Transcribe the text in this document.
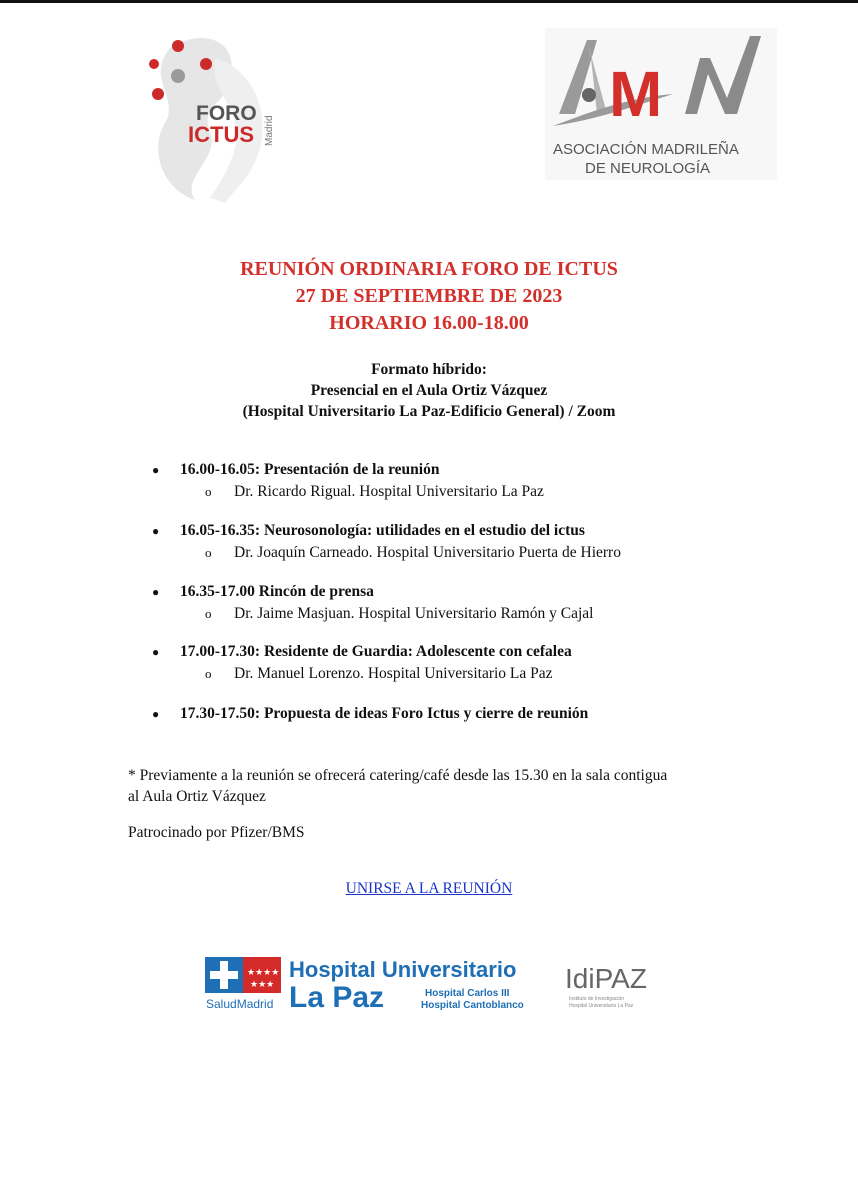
FORO
ICTUS Madrid
M
ASOCIACIÓN MADRILEÑA
DE NEUROLOGÍA
REUNIÓN ORDINARIA FORO DE ICTUS
27 DE SEPTIEMBRE DE 2023
HORARIO 16.00-18.00
Formato híbrido:
Presencial en el Aula Ortiz Vázquez
(Hospital Universitario La Paz-Edificio General) / Zoom
● 16.00-16.05: Presentación de la reunión
o Dr. Ricardo Rigual. Hospital Universitario La Paz
● 16.05-16.35: Neurosonología: utilidades en el estudio del ictus
o Dr. Joaquín Carneado. Hospital Universitario Puerta de Hierro
● 16.35-17.00 Rincón de prensa
o Dr. Jaime Masjuan. Hospital Universitario Ramón y Cajal
● 17.00-17.30: Residente de Guardia: Adolescente con cefalea
o Dr. Manuel Lorenzo. Hospital Universitario La Paz
● 17.30-17.50: Propuesta de ideas Foro Ictus y cierre de reunión
* Previamente a la reunión se ofrecerá catering/café desde las 15.30 en la sala contigua
al Aula Ortiz Vázquez
Patrocinado por Pfizer/BMS
UNIRSE A LA REUNIÓN
★★★★
★★★
SaludMadrid
Hospital Universitario
La Paz	Hospital Carlos III
Hospital Cantoblanco
IdiPAZ
Instituto de Investigación
Hospital Universitario La Paz
